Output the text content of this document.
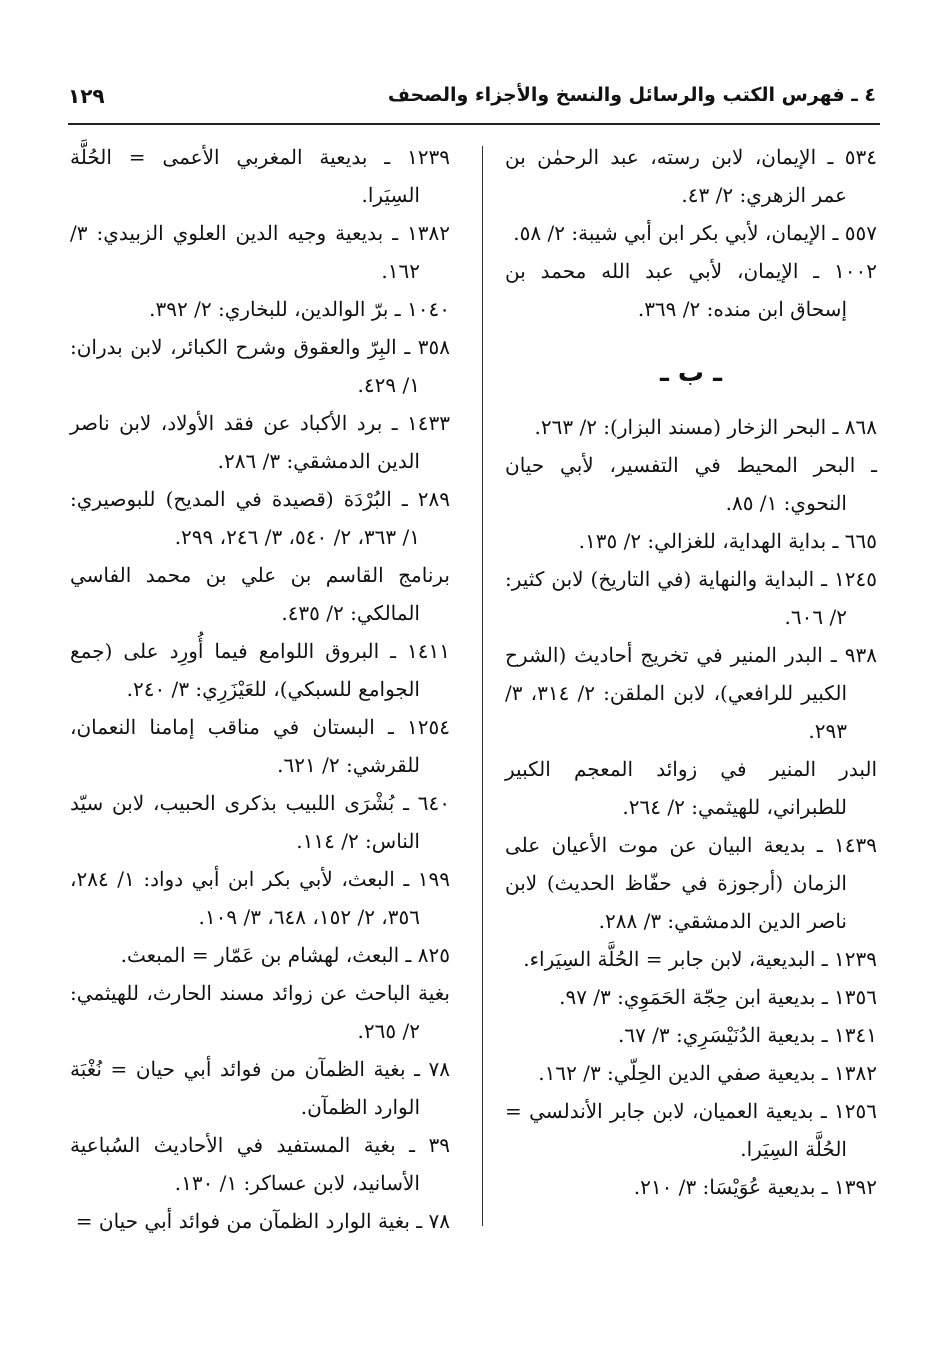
٤ ـ فهرس الكتب والرسائل والنسخ والأجزاء والصحف
١٢٩

٥٣٤ ـ الإيمان، لابن رسته، عبد الرحمٰن بن عمر الزهري: ٢/ ٤٣.

٥٥٧ ـ الإيمان، لأبي بكر ابن أبي شيبة: ٢/ ٥٨.

١٠٠٢ ـ الإيمان، لأبي عبد الله محمد بن إسحاق ابن منده: ٢/ ٣٦٩.

ـ ب ـ

٨٦٨ ـ البحر الزخار (مسند البزار): ٢/ ٢٦٣.

ـ البحر المحيط في التفسير، لأبي حيان النحوي: ١/ ٨٥.

٦٦٥ ـ بداية الهداية، للغزالي: ٢/ ١٣٥.

١٢٤٥ ـ البداية والنهاية (في التاريخ) لابن كثير: ٢/ ٦٠٦.

٩٣٨ ـ البدر المنير في تخريج أحاديث (الشرح الكبير للرافعي)، لابن الملقن: ٢/ ٣١٤، ٣/ ٢٩٣.

البدر المنير في زوائد المعجم الكبير للطبراني، للهيثمي: ٢/ ٢٦٤.

١٤٣٩ ـ بديعة البيان عن موت الأعيان على الزمان (أرجوزة في حفّاظ الحديث) لابن ناصر الدين الدمشقي: ٣/ ٢٨٨.

١٢٣٩ ـ البديعية، لابن جابر = الحُلَّة السِيَراء.

١٣٥٦ ـ بديعية ابن حِجّة الحَمَوِي: ٣/ ٩٧.

١٣٤١ ـ بديعية الدُنَيْسَرِي: ٣/ ٦٧.

١٣٨٢ ـ بديعية صفي الدين الحِلّي: ٣/ ١٦٢.

١٢٥٦ ـ بديعية العميان، لابن جابر الأندلسي = الحُلَّة السِيَرا.

١٣٩٢ ـ بديعية عُوَيْسَا: ٣/ ٢١٠.

١٢٣٩ ـ بديعية المغربي الأعمى = الحُلَّة السِيَرا.

١٣٨٢ ـ بديعية وجيه الدين العلوي الزبيدي: ٣/ ١٦٢.

١٠٤٠ ـ برّ الوالدين، للبخاري: ٢/ ٣٩٢.

٣٥٨ ـ البِرّ والعقوق وشرح الكبائر، لابن بدران: ١/ ٤٢٩.

١٤٣٣ ـ برد الأكباد عن فقد الأولاد، لابن ناصر الدين الدمشقي: ٣/ ٢٨٦.

٢٨٩ ـ البُرْدَة (قصيدة في المديح) للبوصيري: ١/ ٣٦٣، ٢/ ٥٤٠، ٣/ ٢٤٦، ٢٩٩.

برنامج القاسم بن علي بن محمد الفاسي المالكي: ٢/ ٤٣٥.

١٤١١ ـ البروق اللوامع فيما أُورِد على (جمع الجوامع للسبكي)، للعَيْزَرِي: ٣/ ٢٤٠.

١٢٥٤ ـ البستان في مناقب إمامنا النعمان، للقرشي: ٢/ ٦٢١.

٦٤٠ ـ بُشْرَى اللبيب بذكرى الحبيب، لابن سيّد الناس: ٢/ ١١٤.

١٩٩ ـ البعث، لأبي بكر ابن أبي دواد: ١/ ٢٨٤، ٣٥٦، ٢/ ١٥٢، ٦٤٨، ٣/ ١٠٩.

٨٢٥ ـ البعث، لهشام بن عَمّار = المبعث.

بغية الباحث عن زوائد مسند الحارث، للهيثمي: ٢/ ٢٦٥.

٧٨ ـ بغية الظمآن من فوائد أبي حيان = نُغْبَة الوارد الظمآن.

٣٩ ـ بغية المستفيد في الأحاديث السُباعية الأسانيد، لابن عساكر: ١/ ١٣٠.

٧٨ ـ بغية الوارد الظمآن من فوائد أبي حيان =
